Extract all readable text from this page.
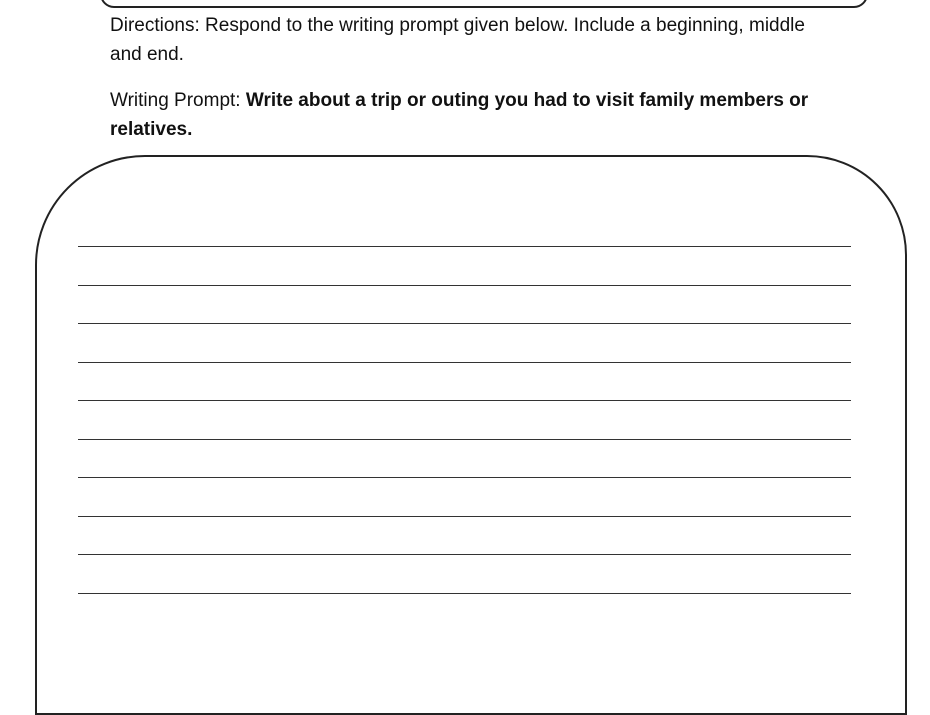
Directions: Respond to the writing prompt given below. Include a beginning, middle and end.
Writing Prompt: Write about a trip or outing you had to visit family members or relatives.
